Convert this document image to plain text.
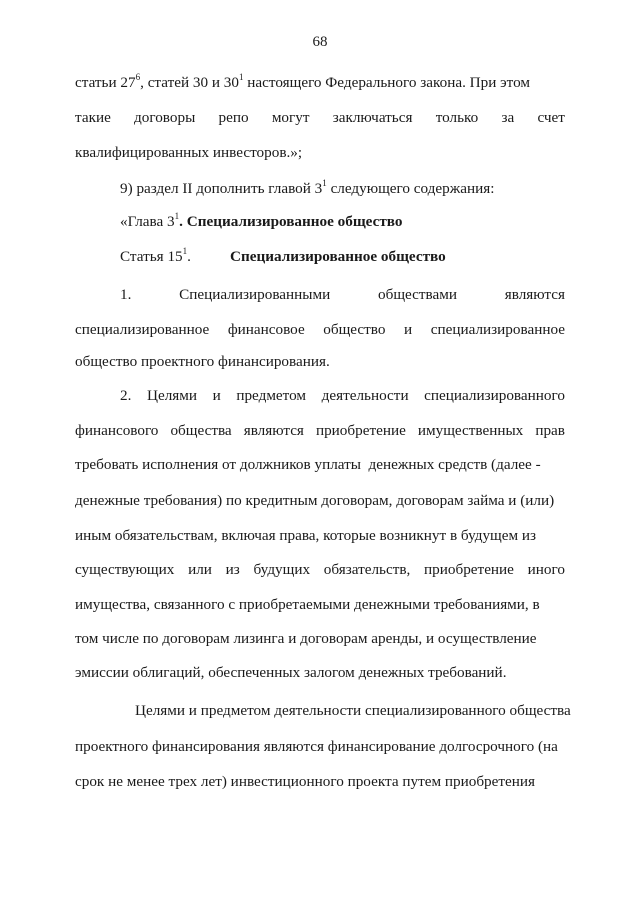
68
статьи $27^6$, статей 30 и $30^1$ настоящего Федерального закона. При этом
такие договоры репо могут заключаться только за счет
квалифицированных инвесторов.»;
9) раздел II дополнить главой $3^1$ следующего содержания:
«Глава $3^1$. Специализированное общество
Статья $15^1$.	Специализированное общество
1.	Специализированными	обществами	являются
специализированное финансовое общество и специализированное
общество проектного финансирования.
2. Целями и предметом деятельности специализированного
финансового общества являются приобретение имущественных прав
требовать исполнения от должников уплаты  денежных средств (далее -
денежные требования) по кредитным договорам, договорам займа и (или)
иным обязательствам, включая права, которые возникнут в будущем из
существующих или из будущих обязательств, приобретение иного
имущества, связанного с приобретаемыми денежными требованиями, в
том числе по договорам лизинга и договорам аренды, и осуществление
эмиссии облигаций, обеспеченных залогом денежных требований.
Целями и предметом деятельности специализированного общества
проектного финансирования являются финансирование долгосрочного (на
срок не менее трех лет) инвестиционного проекта путем приобретения
